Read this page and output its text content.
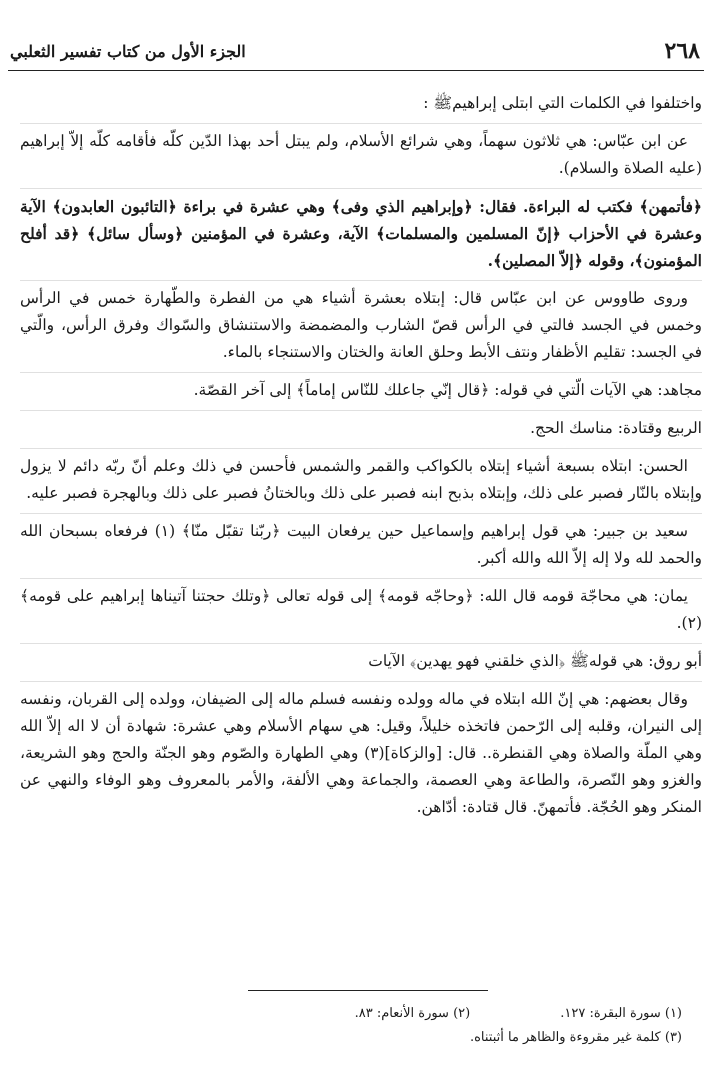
٢٦٨
الجزء الأول من كتاب تفسير الثعلبي

واختلفوا في الكلمات التي ابتلى إبراهيمﷺ :

عن ابن عبّاس: هي ثلاثون سهماً، وهي شرائع الأسلام، ولم يبتل أحد بهذا الدّين كلّه فأقامه كلّه إلاّ إبراهيم (عليه الصلاة والسلام).

﴿فأتمهن﴾ فكتب له البراءة. فقال: ﴿وإبراهيم الذي وفى﴾ وهي عشرة في براءة ﴿التائبون العابدون﴾ الآية وعشرة في الأحزاب ﴿إنّ المسلمين والمسلمات﴾ الآية، وعشرة في المؤمنين ﴿وسأل سائل﴾ ﴿قد أفلح المؤمنون﴾، وقوله ﴿إلاّ المصلين﴾.

وروى طاووس عن ابن عبّاس قال: إبتلاه بعشرة أشياء هي من الفطرة والطّهارة خمس في الرأس وخمس في الجسد فالتي في الرأس قصّ الشارب والمضمضة والاستنشاق والسّواك وفرق الرأس، والّتي في الجسد: تقليم الأظفار ونتف الأبط وحلق العانة والختان والاستنجاء بالماء.

مجاهد: هي الآيات الّتي في قوله: ﴿قال إنّي جاعلك للنّاس إماماً﴾ إلى آخر القصّة.

الربيع وقتادة: مناسك الحج.

الحسن: ابتلاه بسبعة أشياء إبتلاه بالكواكب والقمر والشمس فأحسن في ذلك وعلم أنّ ربّه دائم لا يزول وإبتلاه بالنّار فصبر على ذلك، وإبتلاه بذبح ابنه فصبر على ذلك وبالختانُ فصبر على ذلك وبالهجرة فصبر عليه.

سعيد بن جبير: هي قول إبراهيم وإسماعيل حين يرفعان البيت ﴿ربّنا تقبّل منّا﴾ (١) فرفعاه بسبحان الله والحمد لله ولا إله إلاّ الله والله أكبر.

يمان: هي محاجّة قومه قال الله: ﴿وحاجّه قومه﴾ إلى قوله تعالى ﴿وتلك حجتنا آتيناها إبراهيم على قومه﴾(٢).

أبو روق: هي قولهﷺ ﴿الذي خلقني فهو يهدين﴾ الآيات

وقال بعضهم: هي إنّ الله ابتلاه في ماله وولده ونفسه فسلم ماله إلى الضيفان، وولده إلى القربان، ونفسه إلى النيران، وقلبه إلى الرّحمن فاتخذه خليلاً، وقيل: هي سهام الأسلام وهي عشرة: شهادة أن لا اله إلاّ الله وهي الملّة والصلاة وهي القنطرة.. قال: [والزكاة](٣) وهي الطهارة والصّوم وهو الجنّة والحج وهو الشريعة، والغزو وهو النّصرة، والطاعة وهي العصمة، والجماعة وهي الألفة، والأمر بالمعروف وهو الوفاء والنهي عن المنكر وهو الحُجّة. فأتمهنّ. قال قتادة: أدّاهن.

(١) سورة البقرة: ١٢٧.
(٢) سورة الأنعام: ٨٣.
(٣) كلمة غير مقروءة والظاهر ما أثبتناه.
